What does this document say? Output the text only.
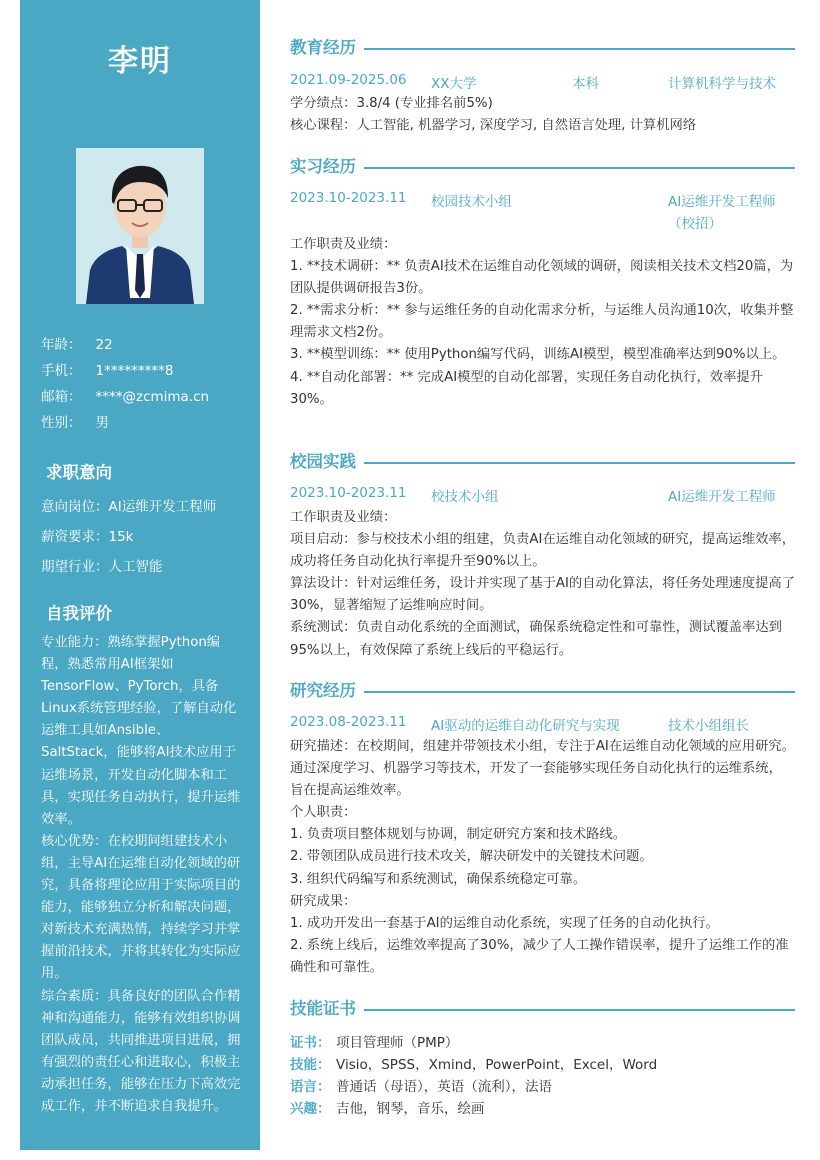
李明
年龄： 22
手机： 1*********8
邮箱： ****@zcmima.cn
性别： 男
求职意向
意向岗位：AI运维开发工程师
薪资要求：15k
期望行业：人工智能
自我评价

专业能力：熟练掌握Python编程，熟悉常用AI框架如TensorFlow、PyTorch，具备Linux系统管理经验，了解自动化运维工具如Ansible、SaltStack，能够将AI技术应用于运维场景，开发自动化脚本和工具，实现任务自动执行，提升运维效率。

核心优势：在校期间组建技术小组，主导AI在运维自动化领域的研究，具备将理论应用于实际项目的能力，能够独立分析和解决问题，对新技术充满热情，持续学习并掌握前沿技术，并将其转化为实际应用。

综合素质：具备良好的团队合作精神和沟通能力，能够有效组织协调团队成员，共同推进项目进展，拥有强烈的责任心和进取心，积极主动承担任务，能够在压力下高效完成工作，并不断追求自我提升。

教育经历
2021.09-2025.06 XX大学	本科	计算机科学与技术

学分绩点：3.8/4 (专业排名前5%)

核心课程：人工智能, 机器学习, 深度学习, 自然语言处理, 计算机网络

实习经历
2023.10-2023.11 校园技术小组	AI运维开发工程师
（校招）

工作职责及业绩：

1. **技术调研：** 负责AI技术在运维自动化领域的调研，阅读相关技术文档20篇，为团队提供调研报告3份。

2. **需求分析：** 参与运维任务的自动化需求分析，与运维人员沟通10次，收集并整理需求文档2份。

3. **模型训练：** 使用Python编写代码，训练AI模型，模型准确率达到90%以上。

4. **自动化部署：** 完成AI模型的自动化部署，实现任务自动化执行，效率提升30%。

校园实践
2023.10-2023.11 校技术小组	AI运维开发工程师

工作职责及业绩：

项目启动：参与校技术小组的组建，负责AI在运维自动化领域的研究，提高运维效率，成功将任务自动化执行率提升至90%以上。

算法设计：针对运维任务，设计并实现了基于AI的自动化算法，将任务处理速度提高了30%，显著缩短了运维响应时间。

系统测试：负责自动化系统的全面测试，确保系统稳定性和可靠性，测试覆盖率达到95%以上，有效保障了系统上线后的平稳运行。

研究经历
2023.08-2023.11 AI驱动的运维自动化研究与实现	技术小组组长

研究描述：在校期间，组建并带领技术小组，专注于AI在运维自动化领域的应用研究。通过深度学习、机器学习等技术，开发了一套能够实现任务自动化执行的运维系统，旨在提高运维效率。

个人职责：

1. 负责项目整体规划与协调，制定研究方案和技术路线。

2. 带领团队成员进行技术攻关，解决研发中的关键技术问题。

3. 组织代码编写和系统测试，确保系统稳定可靠。

研究成果：

1. 成功开发出一套基于AI的运维自动化系统，实现了任务的自动化执行。

2. 系统上线后，运维效率提高了30%，减少了人工操作错误率，提升了运维工作的准确性和可靠性。

技能证书
证书： 项目管理师（PMP）
技能： Visio，SPSS，Xmind，PowerPoint，Excel，Word
语言： 普通话（母语），英语（流利），法语
兴趣： 吉他，钢琴，音乐，绘画
